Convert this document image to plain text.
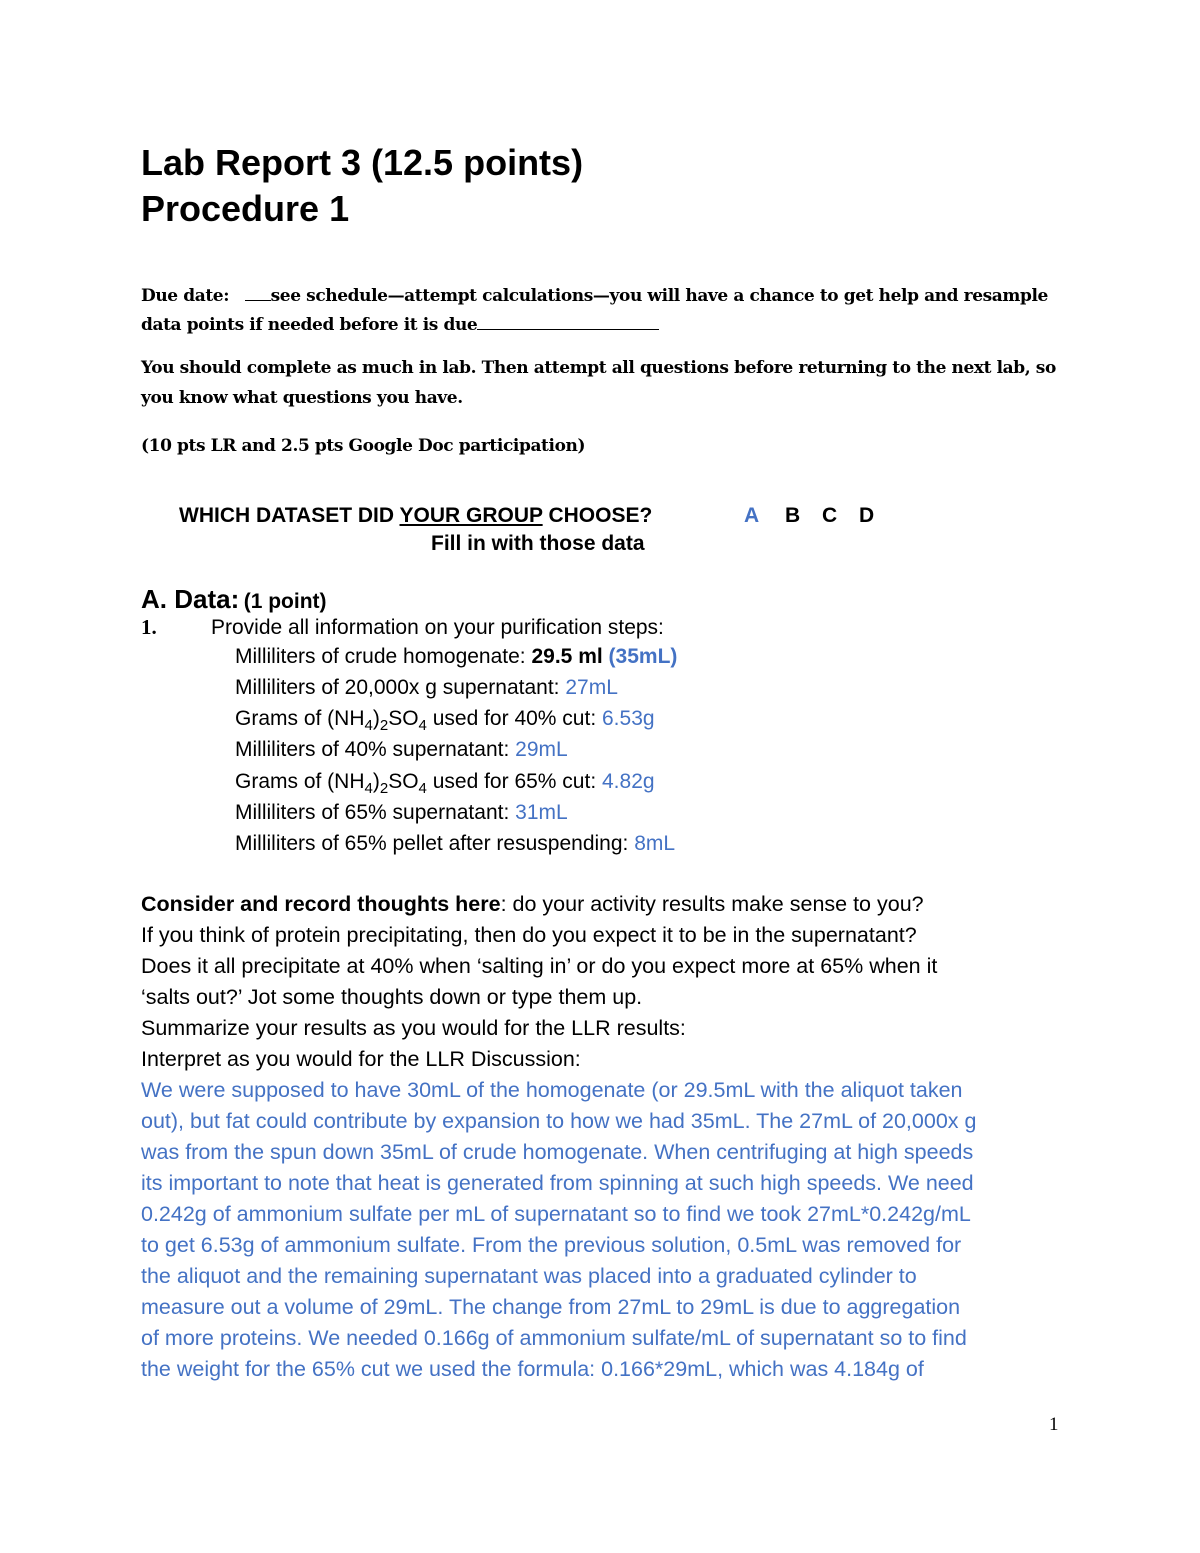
Lab Report 3 (12.5 points)
Procedure 1
Due date: see schedule—attempt calculations—you will have a chance to get help and resample
data points if needed before it is due
You should complete as much in lab. Then attempt all questions before returning to the next lab, so
you know what questions you have.
(10 pts LR and 2.5 pts Google Doc participation)
WHICH DATASET DID YOUR GROUP CHOOSE?	A B C D
Fill in with those data
A. Data: (1 point)
1.	Provide all information on your purification steps:
Milliliters of crude homogenate: 29.5 ml (35mL)
Milliliters of 20,000x g supernatant: 27mL
Grams of $(NH_4)_2SO_4$ used for 40% cut: 6.53g
Milliliters of 40% supernatant: 29mL
Grams of $(NH_4)_2SO_4$ used for 65% cut: 4.82g
Milliliters of 65% supernatant: 31mL
Milliliters of 65% pellet after resuspending: 8mL
Consider and record thoughts here: do your activity results make sense to you?
If you think of protein precipitating, then do you expect it to be in the supernatant?
Does it all precipitate at 40% when ‘salting in’ or do you expect more at 65% when it
‘salts out?’ Jot some thoughts down or type them up.
Summarize your results as you would for the LLR results:
Interpret as you would for the LLR Discussion:
We were supposed to have 30mL of the homogenate (or 29.5mL with the aliquot taken
out), but fat could contribute by expansion to how we had 35mL. The 27mL of 20,000x g
was from the spun down 35mL of crude homogenate. When centrifuging at high speeds
its important to note that heat is generated from spinning at such high speeds. We need
0.242g of ammonium sulfate per mL of supernatant so to find we took 27mL*0.242g/mL
to get 6.53g of ammonium sulfate. From the previous solution, 0.5mL was removed for
the aliquot and the remaining supernatant was placed into a graduated cylinder to
measure out a volume of 29mL. The change from 27mL to 29mL is due to aggregation
of more proteins. We needed 0.166g of ammonium sulfate/mL of supernatant so to find
the weight for the 65% cut we used the formula: 0.166*29mL, which was 4.184g of
1
